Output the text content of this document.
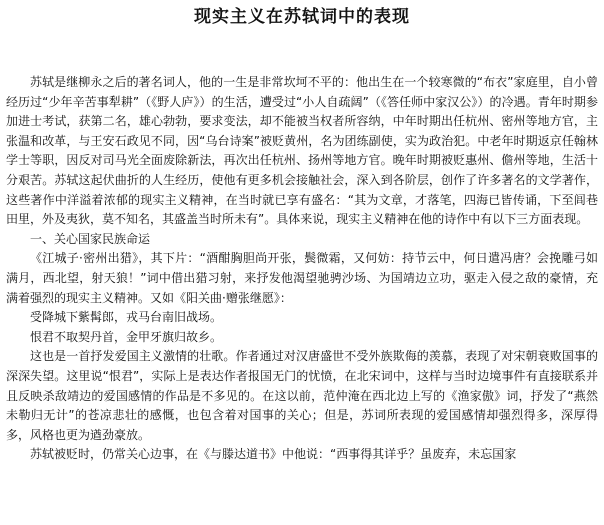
现实主义在苏轼词中的表现

苏轼是继柳永之后的著名词人，他的一生是非常坎坷不平的：他出生在一个较寒微的“布衣”家庭里，自小曾经历过“少年辛苦事犁耕”（《野人庐》）的生活，遭受过“小人自疏阔”（《答任师中家汉公》）的冷遇。青年时期参加进士考试，获第二名，雄心勃勃，要求变法，却不能被当权者所容纳，中年时期出任杭州、密州等地方官，主张温和改革，与王安石政见不同，因“乌台诗案”被贬黄州，名为团练副使，实为政治犯。中老年时期返京任翰林学士等职，因反对司马光全面废除新法，再次出任杭州、扬州等地方官。晚年时期被贬惠州、儋州等地，生活十分艰苦。苏轼这起伏曲折的人生经历，使他有更多机会接触社会，深入到各阶层，创作了许多著名的文学著作，这些著作中洋溢着浓郁的现实主义精神，在当时就已享有盛名：“其为文章，才落笔，四海已皆传诵，下至闾巷田里，外及夷狄，莫不知名，其盛盖当时所未有”。具体来说，现实主义精神在他的诗作中有以下三方面表现。

一、关心国家民族命运

《江城子·密州出猎》，其下片：“酒酣胸胆尚开张，鬓微霜，又何妨：持节云中，何日遣冯唐？会挽雕弓如满月，西北望，射天狼！”词中借出猎习射，来抒发他渴望驰骋沙场、为国靖边立功，驱走入侵之敌的豪情，充满着强烈的现实主义精神。又如《阳关曲·赠张继愿》：

受降城下紫髯郎，戎马台南旧战场。

恨君不取契丹首，金甲牙旗归故乡。

这也是一首抒发爱国主义激情的壮歌。作者通过对汉唐盛世不受外族欺侮的羡慕，表现了对宋朝衰败国事的深深失望。这里说“恨君”，实际上是表达作者报国无门的忧愤，在北宋词中，这样与当时边境事件有直接联系并且反映杀敌靖边的爱国感情的作品是不多见的。在这以前，范仲淹在西北边上写的《渔家傲》词，抒发了“燕然未勒归无计”的苍凉悲壮的感慨，也包含着对国事的关心；但是，苏词所表现的爱国感情却强烈得多，深厚得多，风格也更为遒劲豪放。

苏轼被贬时，仍常关心边事，在《与滕达道书》中他说：“西事得其详乎？虽废弃，未忘国家
